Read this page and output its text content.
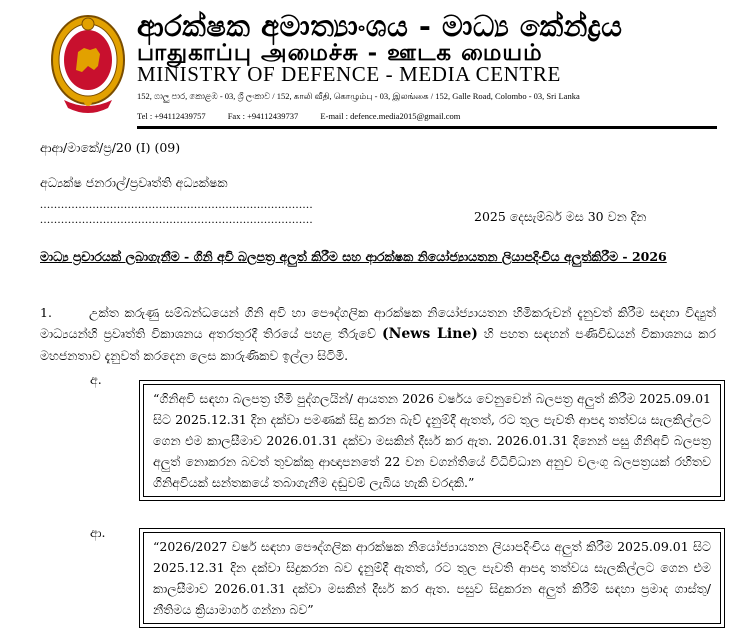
ආරක්ෂක අමාත්‍යාංශය - මාධ්‍ය කේන්ද්‍රය
பாதுகாப்பு அமைச்சு - ஊடக மையம்
MINISTRY OF DEFENCE - MEDIA CENTRE
152, ගාලු පාර, කොළඹ - 03, ශ්‍රී ලංකාව / 152, காலி வீதி, கொழும்பு - 03, இலங்கை / 152, Galle Road, Colombo - 03, Sri Lanka
Tel : +94112439757	Fax : +94112439737	E-mail : defence.media2015@gmail.com
ආආ/මාකේ/ප්‍ර/20 (I) (09)
අධ්‍යක්ෂ ජනරාල්/ප්‍රවෘත්ති අධ්‍යක්ෂක
..............................................................................
..............................................................................	2025 දෙසැම්බර් මස 30 වන දින
මාධ්‍ය ප්‍රචාරයක් ලබාගැනීම - ගිනි අවි බලපත්‍ර අලුත් කිරීම සහ ආරක්ෂක නියෝජ්‍යායතන ලියාපදිංචිය අලුත්කිරීම - 2026
1.	උක්ත කරුණු සම්බන්ධයෙන් ගිනි අවි හා පෞද්ගලික ආරක්ෂක නියෝජ්‍යායතන හිමිකරුවන් දැනුවත් කිරීම සඳහා විද්‍යුත් මාධ්‍යයන්හි ප්‍රවෘත්ති විකාශනය අතරතුරදී තිරයේ පහළ තීරුවේ (News Line) හි පහත සඳහන් පණිවිඩයන් විකාශනය කර මහජනතාව දැනුවත් කරදෙන ලෙස කාරුණිකව ඉල්ලා සිටිමි.
අ.
“ගිනිඅවි සඳහා බලපත්‍ර හිමි පුද්ගලයින්/ ආයතන 2026 වර්ෂය වෙනුවෙන් බලපත්‍ර අලුත් කිරීම 2025.09.01 සිට 2025.12.31 දින දක්වා පමණක් සිදු කරන බැව් දැනුම්දී ඇතත්, රට තුල පැවති ආපදා තත්වය සැලකිල්ලට ගෙන එම කාලසීමාව 2026.01.31 දක්වා මසකින් දීර්ඝ කර ඇත. 2026.01.31 දිනෙන් පසු ගිනිඅවි බලපත්‍ර අලුත් නොකරන බවත් තුවක්කු ආඥාපනතේ 22 වන වගන්තියේ විධිවිධාන අනුව වලංගු බලපත්‍රයක් රහිතව ගිනිඅවියක් සන්තකයේ තබාගැනීම දඬුවම් ලැබිය හැකි වරදකි.”
ආ.
“2026/2027 වර්ෂ සඳහා පෞද්ගලික ආරක්ෂක නියෝජ්‍යායතන ලියාපදිංචිය අලුත් කිරීම 2025.09.01 සිට 2025.12.31 දින දක්වා සිදුකරන බව දැනුම්දී ඇතත්, රට තුල පැවති ආපදා තත්වය සැලකිල්ලට ගෙන එම කාලසීමාව 2026.01.31 දක්වා මසකින් දීර්ඝ කර ඇත. පසුව සිදුකරන අලුත් කිරීම් සඳහා ප්‍රමාද ගාස්තු/ නීතිමය ක්‍රියාමාර්ග ගන්නා බව”
